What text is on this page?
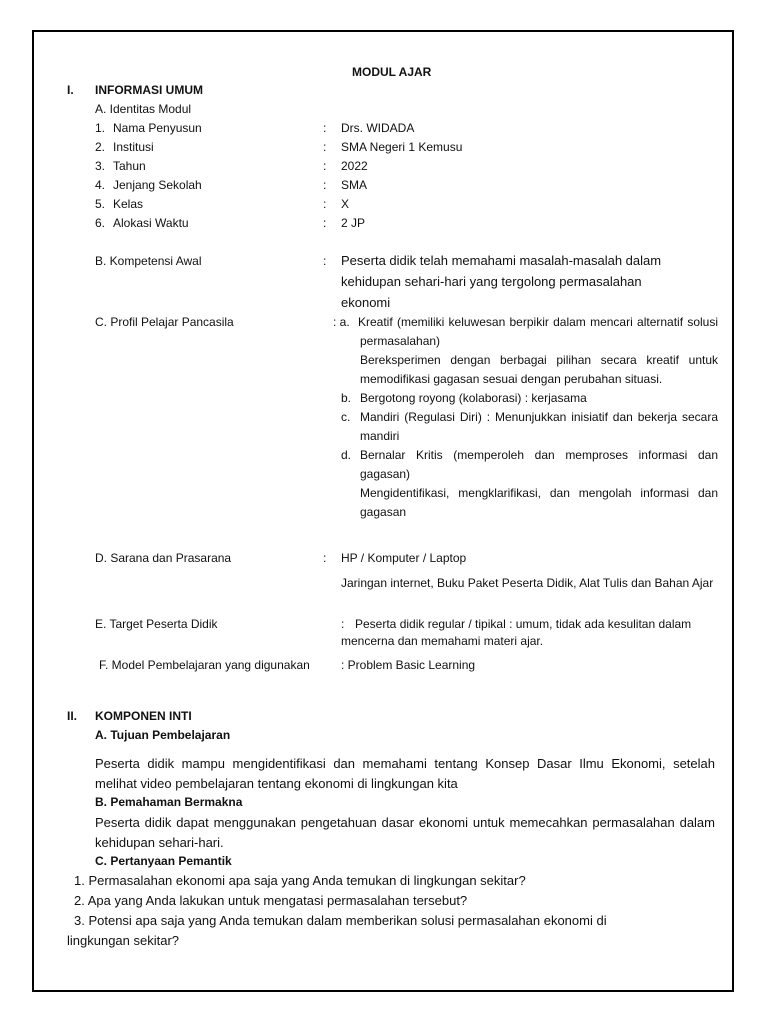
MODUL AJAR
I. INFORMASI UMUM
A. Identitas Modul
1. Nama Penyusun	: Drs. WIDADA
2. Institusi	: SMA Negeri 1 Kemusu
3. Tahun	: 2022
4. Jenjang Sekolah	: SMA
5. Kelas	: X
6. Alokasi Waktu	: 2 JP
B. Kompetensi Awal	: Peserta didik telah memahami masalah-masalah dalam
kehidupan sehari-hari yang tergolong permasalahan
ekonomi
C. Profil Pelajar Pancasila	: a. Kreatif (memiliki keluwesan berpikir dalam mencari alternatif solusi permasalahan)
Bereksperimen dengan berbagai pilihan secara kreatif untuk memodifikasi gagasan sesuai dengan perubahan situasi.
b. Bergotong royong (kolaborasi) : kerjasama
c. Mandiri (Regulasi Diri) : Menunjukkan inisiatif dan bekerja secara mandiri
d. Bernalar Kritis (memperoleh dan memproses informasi dan gagasan)
Mengidentifikasi, mengklarifikasi, dan mengolah informasi dan gagasan
D. Sarana dan Prasarana	: HP / Komputer / Laptop
Jaringan internet, Buku Paket Peserta Didik, Alat Tulis dan Bahan Ajar
E. Target Peserta Didik	: Peserta didik regular / tipikal : umum, tidak ada kesulitan dalam mencerna dan memahami materi ajar.
F. Model Pembelajaran yang digunakan	: Problem Basic Learning
II. KOMPONEN INTI
A. Tujuan Pembelajaran
Peserta didik mampu mengidentifikasi dan memahami tentang Konsep Dasar Ilmu Ekonomi, setelah melihat video pembelajaran tentang ekonomi di lingkungan kita
B. Pemahaman Bermakna
Peserta didik dapat menggunakan pengetahuan dasar ekonomi untuk memecahkan permasalahan dalam kehidupan sehari-hari.
C. Pertanyaan Pemantik
1. Permasalahan ekonomi apa saja yang Anda temukan di lingkungan sekitar?
2. Apa yang Anda lakukan untuk mengatasi permasalahan tersebut?
3. Potensi apa saja yang Anda temukan dalam memberikan solusi permasalahan ekonomi di
lingkungan sekitar?
